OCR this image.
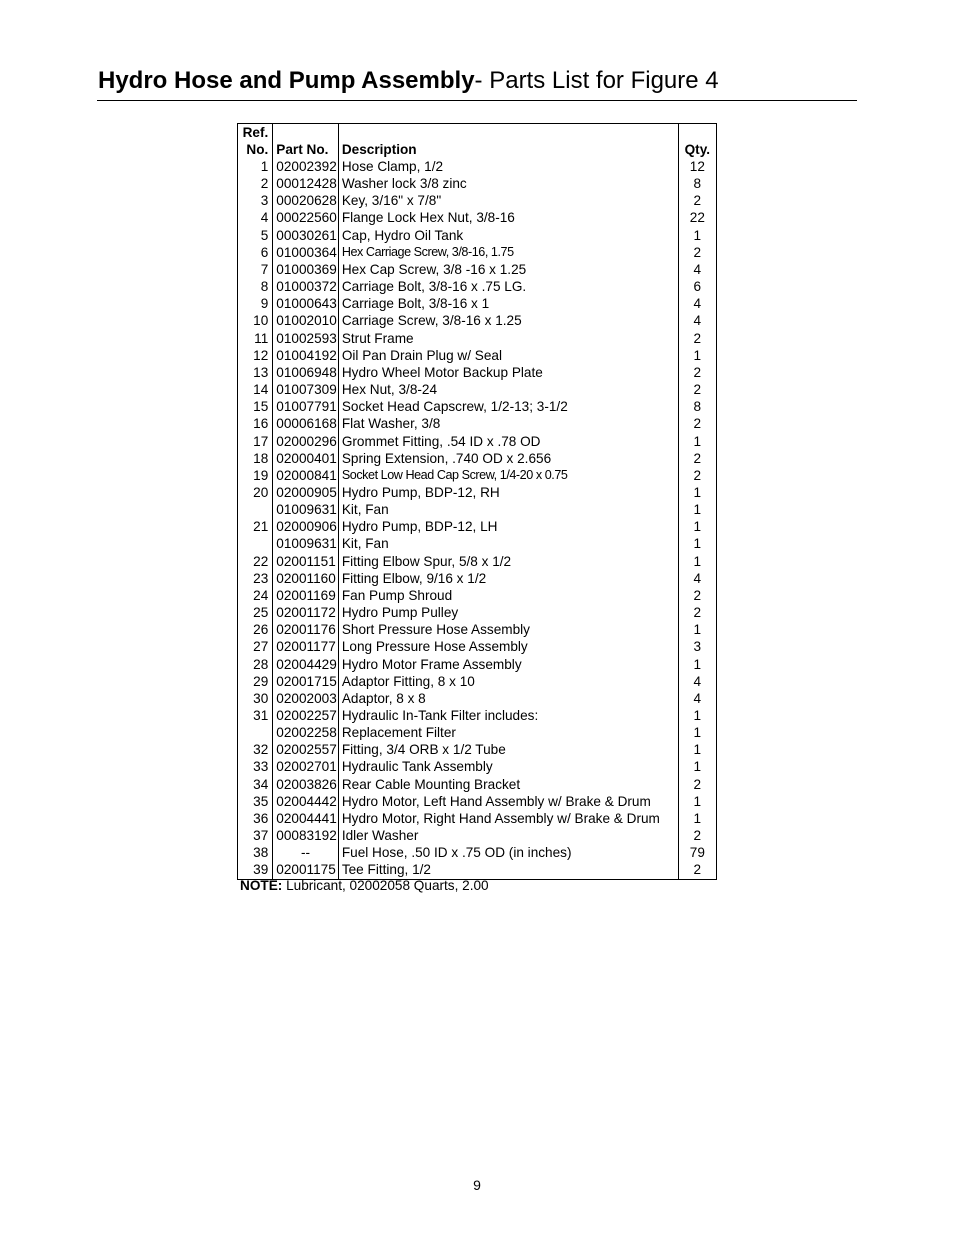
Hydro Hose and Pump Assembly- Parts List for Figure 4
Ref.
No.	Part No.	Description	Qty.
1	02002392	Hose Clamp, 1/2	12
2	00012428	Washer lock 3/8 zinc	8
3	00020628	Key, 3/16" x 7/8"	2
4	00022560	Flange Lock Hex Nut, 3/8-16	22
5	00030261	Cap, Hydro Oil Tank	1
6	01000364	Hex Carriage Screw, 3/8-16, 1.75	2
7	01000369	Hex Cap Screw, 3/8 -16 x 1.25	4
8	01000372	Carriage Bolt, 3/8-16 x .75 LG.	6
9	01000643	Carriage Bolt, 3/8-16 x 1	4
10	01002010	Carriage Screw, 3/8-16 x 1.25	4
11	01002593	Strut Frame	2
12	01004192	Oil Pan Drain Plug w/ Seal	1
13	01006948	Hydro Wheel Motor Backup Plate	2
14	01007309	Hex Nut, 3/8-24	2
15	01007791	Socket Head Capscrew, 1/2-13; 3-1/2	8
16	00006168	Flat Washer, 3/8	2
17	02000296	Grommet Fitting, .54 ID x .78 OD	1
18	02000401	Spring Extension, .740 OD x 2.656	2
19	02000841	Socket Low Head Cap Screw, 1/4-20 x 0.75	2
20	02000905	Hydro Pump, BDP-12, RH	1
	01009631	Kit, Fan	1
21	02000906	Hydro Pump, BDP-12, LH	1
	01009631	Kit, Fan	1
22	02001151	Fitting Elbow Spur, 5/8 x 1/2	1
23	02001160	Fitting Elbow, 9/16 x 1/2	4
24	02001169	Fan Pump Shroud	2
25	02001172	Hydro Pump Pulley	2
26	02001176	Short Pressure Hose Assembly	1
27	02001177	Long Pressure Hose Assembly	3
28	02004429	Hydro Motor Frame Assembly	1
29	02001715	Adaptor Fitting, 8 x 10	4
30	02002003	Adaptor, 8 x 8	4
31	02002257	Hydraulic In-Tank Filter includes:	1
	02002258	Replacement Filter	1
32	02002557	Fitting, 3/4 ORB x 1/2 Tube	1
33	02002701	Hydraulic Tank Assembly	1
34	02003826	Rear Cable Mounting Bracket	2
35	02004442	Hydro Motor, Left Hand Assembly w/ Brake & Drum	1
36	02004441	Hydro Motor, Right Hand Assembly w/ Brake & Drum	1
37	00083192	Idler Washer	2
38	--	Fuel Hose, .50 ID x .75 OD (in inches)	79
39	02001175	Tee Fitting, 1/2	2
NOTE: Lubricant, 02002058 Quarts, 2.00
9
